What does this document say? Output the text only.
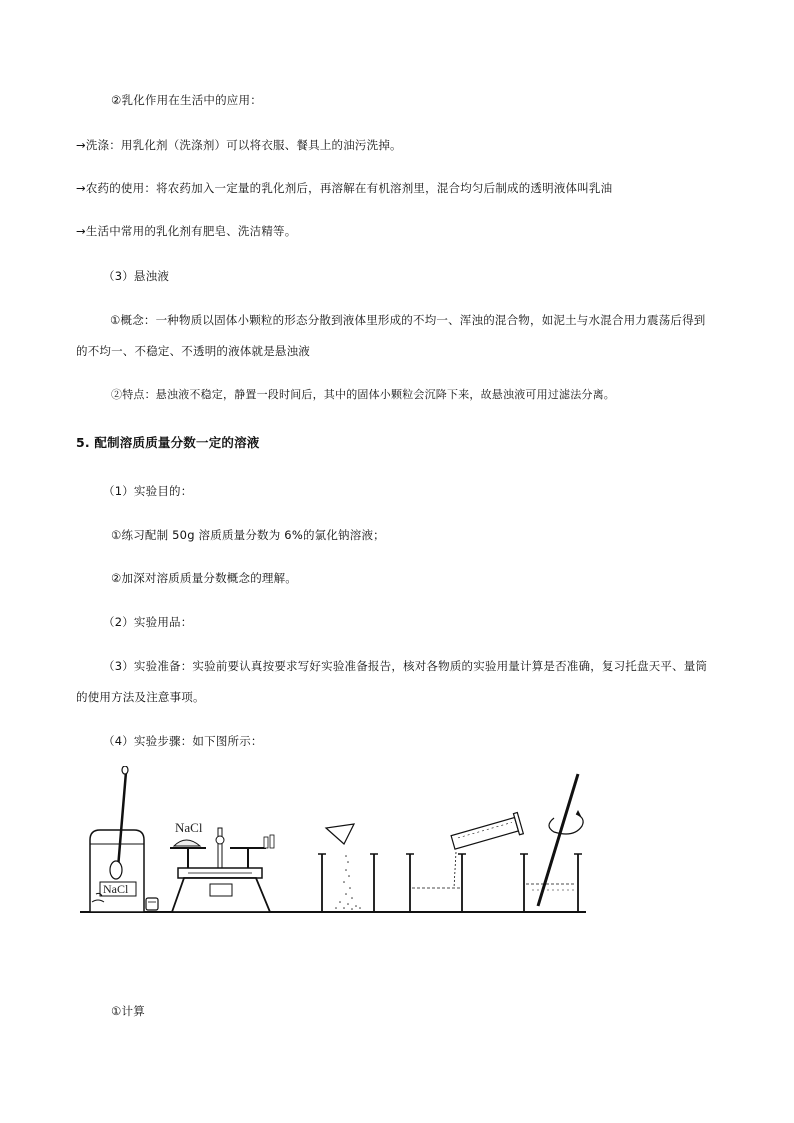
②乳化作用在生活中的应用：
→洗涤：用乳化剂（洗涤剂）可以将衣服、餐具上的油污洗掉。
→农药的使用：将农药加入一定量的乳化剂后，再溶解在有机溶剂里，混合均匀后制成的透明液体叫乳油
→生活中常用的乳化剂有肥皂、洗洁精等。
（3）悬浊液
①概念：一种物质以固体小颗粒的形态分散到液体里形成的不均一、浑浊的混合物，如泥土与水混合用力震荡后得到
的不均一、不稳定、不透明的液体就是悬浊液
②特点：悬浊液不稳定，静置一段时间后，其中的固体小颗粒会沉降下来，故悬浊液可用过滤法分离。
5. 配制溶质质量分数一定的溶液
（1）实验目的：
①练习配制 50g 溶质质量分数为 6%的氯化钠溶液；
②加深对溶质质量分数概念的理解。
（2）实验用品：
（3）实验准备：实验前要认真按要求写好实验准备报告，核对各物质的实验用量计算是否准确，复习托盘天平、量筒
的使用方法及注意事项。
（4）实验步骤：如下图所示：
NaCl
NaCl
①计算
